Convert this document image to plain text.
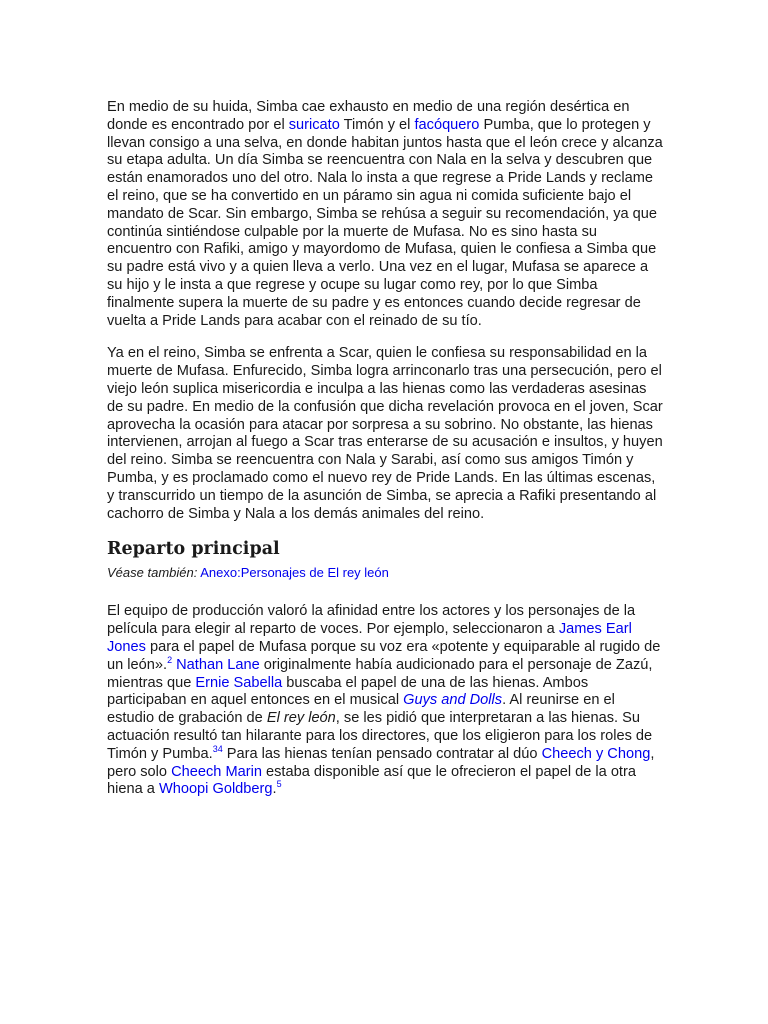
En medio de su huida, Simba cae exhausto en medio de una región desértica en donde es encontrado por el suricato Timón y el facóquero Pumba, que lo protegen y llevan consigo a una selva, en donde habitan juntos hasta que el león crece y alcanza su etapa adulta. Un día Simba se reencuentra con Nala en la selva y descubren que están enamorados uno del otro. Nala lo insta a que regrese a Pride Lands y reclame el reino, que se ha convertido en un páramo sin agua ni comida suficiente bajo el mandato de Scar. Sin embargo, Simba se rehúsa a seguir su recomendación, ya que continúa sintiéndose culpable por la muerte de Mufasa. No es sino hasta su encuentro con Rafiki, amigo y mayordomo de Mufasa, quien le confiesa a Simba que su padre está vivo y a quien lleva a verlo. Una vez en el lugar, Mufasa se aparece a su hijo y le insta a que regrese y ocupe su lugar como rey, por lo que Simba finalmente supera la muerte de su padre y es entonces cuando decide regresar de vuelta a Pride Lands para acabar con el reinado de su tío.

Ya en el reino, Simba se enfrenta a Scar, quien le confiesa su responsabilidad en la muerte de Mufasa. Enfurecido, Simba logra arrinconarlo tras una persecución, pero el viejo león suplica misericordia e inculpa a las hienas como las verdaderas asesinas de su padre. En medio de la confusión que dicha revelación provoca en el joven, Scar aprovecha la ocasión para atacar por sorpresa a su sobrino. No obstante, las hienas intervienen, arrojan al fuego a Scar tras enterarse de su acusación e insultos, y huyen del reino. Simba se reencuentra con Nala y Sarabi, así como sus amigos Timón y Pumba, y es proclamado como el nuevo rey de Pride Lands. En las últimas escenas, y transcurrido un tiempo de la asunción de Simba, se aprecia a Rafiki presentando al cachorro de Simba y Nala a los demás animales del reino.

Reparto principal
Véase también: Anexo:Personajes de El rey león

El equipo de producción valoró la afinidad entre los actores y los personajes de la película para elegir al reparto de voces. Por ejemplo, seleccionaron a James Earl Jones para el papel de Mufasa porque su voz era «potente y equiparable al rugido de un león».$^2$ Nathan Lane originalmente había audicionado para el personaje de Zazú, mientras que Ernie Sabella buscaba el papel de una de las hienas. Ambos participaban en aquel entonces en el musical Guys and Dolls. Al reunirse en el estudio de grabación de El rey león, se les pidió que interpretaran a las hienas. Su actuación resultó tan hilarante para los directores, que los eligieron para los roles de Timón y Pumba.$^{34}$ Para las hienas tenían pensado contratar al dúo Cheech y Chong, pero solo Cheech Marin estaba disponible así que le ofrecieron el papel de la otra hiena a Whoopi Goldberg.$^5$
